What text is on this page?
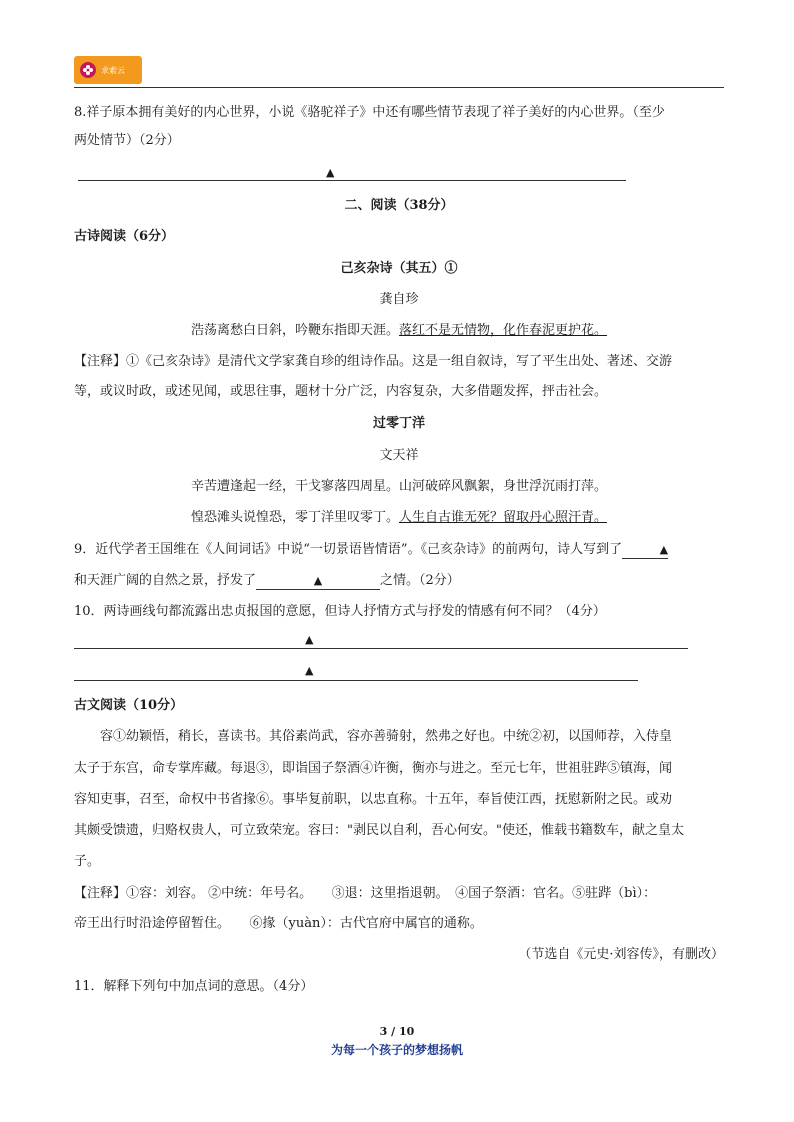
求索云
8.祥子原本拥有美好的内心世界，小说《骆驼祥子》中还有哪些情节表现了祥子美好的内心世界。（至少
两处情节）（2分）
▲
二、阅读（38分）
古诗阅读（6分）
己亥杂诗（其五）①
龚自珍
浩荡离愁白日斜，吟鞭东指即天涯。落红不是无情物，化作春泥更护花。
【注释】①《己亥杂诗》是清代文学家龚自珍的组诗作品。这是一组自叙诗，写了平生出处、著述、交游
等，或议时政，或述见闻，或思往事，题材十分广泛，内容复杂，大多借题发挥，抨击社会。
过零丁洋
文天祥
辛苦遭逢起一经，干戈寥落四周星。山河破碎风飘絮，身世浮沉雨打萍。
惶恐滩头说惶恐，零丁洋里叹零丁。人生自古谁无死？留取丹心照汗青。
9．近代学者王国维在《人间词话》中说“一切景语皆情语”。《己亥杂诗》的前两句，诗人写到了	▲
和天涯广阔的自然之景，抒发了	▲	之情。（2分）
10．两诗画线句都流露出忠贞报国的意愿，但诗人抒情方式与抒发的情感有何不同？（4分）
▲
▲
古文阅读（10分）
容①幼颖悟，稍长，喜读书。其俗素尚武，容亦善骑射，然弗之好也。中统②初，以国师荐，入侍皇
太子于东宫，命专掌库藏。每退③，即诣国子祭酒④许衡，衡亦与进之。至元七年，世祖驻跸⑤镇海，闻
容知吏事，召至，命权中书省掾⑥。事毕复前职，以忠直称。十五年，奉旨使江西，抚慰新附之民。或劝
其颇受馈遗，归赂权贵人，可立致荣宠。容曰："剥民以自利，吾心何安。"使还，惟载书籍数车，献之皇太
子。
【注释】①容：刘容。 ②中统：年号名。　　③退：这里指退朝。　④国子祭酒：官名。⑤驻跸（bì）：
帝王出行时沿途停留暂住。　　⑥掾（yuàn）：古代官府中属官的通称。
（节选自《元史·刘容传》，有删改）
11．解释下列句中加点词的意思。（4分）
3 / 10
为每一个孩子的梦想扬帆
